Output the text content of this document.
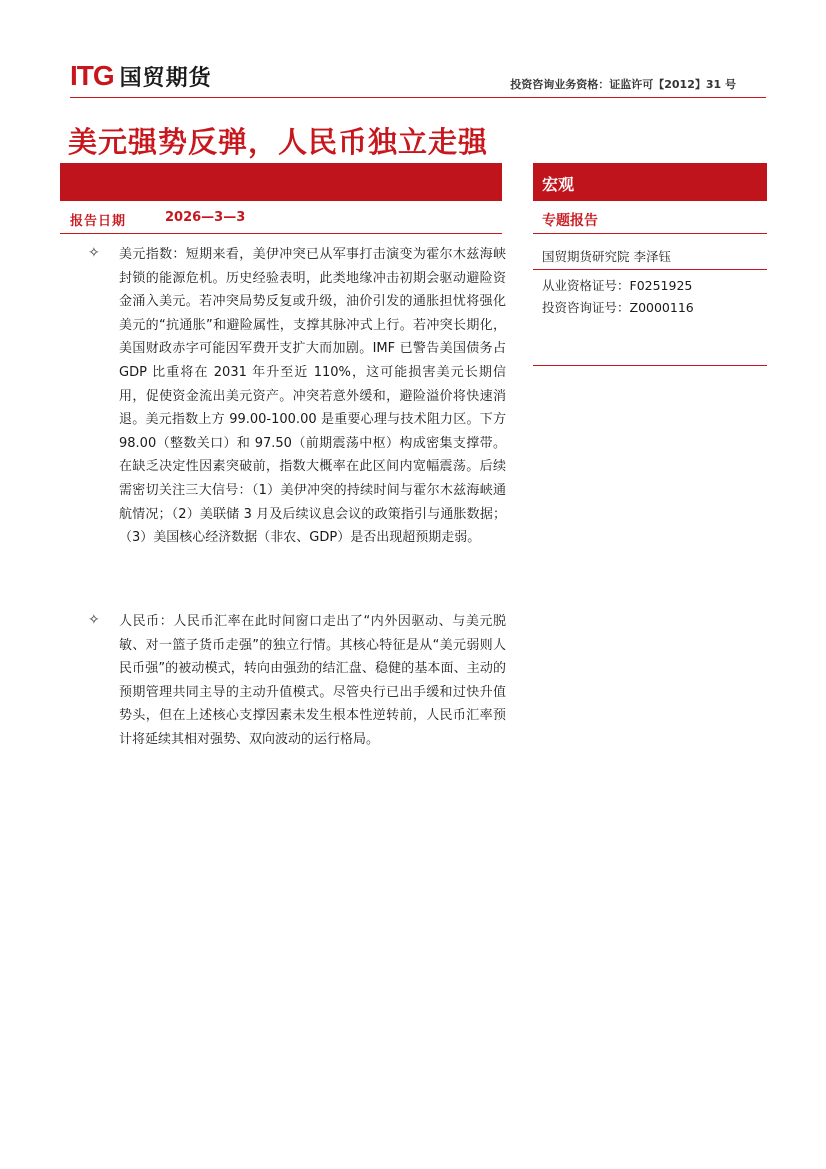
ITG 国贸期货	投资咨询业务资格：证监许可【2012】31 号
美元强势反弹，人民币独立走强
宏观
报告日期	2026—3—3	专题报告
国贸期货研究院 李泽钰
从业资格证号：F0251925
投资咨询证号：Z0000116
✧ 美元指数：短期来看，美伊冲突已从军事打击演变为霍尔木兹海峡封锁的能源危机。历史经验表明，此类地缘冲击初期会驱动避险资金涌入美元。若冲突局势反复或升级，油价引发的通胀担忧将强化美元的“抗通胀”和避险属性，支撑其脉冲式上行。若冲突长期化，美国财政赤字可能因军费开支扩大而加剧。IMF 已警告美国债务占 GDP 比重将在 2031 年升至近 110%，这可能损害美元长期信用，促使资金流出美元资产。冲突若意外缓和，避险溢价将快速消退。美元指数上方 99.00-100.00 是重要心理与技术阻力区。下方 98.00（整数关口）和 97.50（前期震荡中枢）构成密集支撑带。在缺乏决定性因素突破前，指数大概率在此区间内宽幅震荡。后续需密切关注三大信号：（1）美伊冲突的持续时间与霍尔木兹海峡通航情况；（2）美联储 3 月及后续议息会议的政策指引与通胀数据；（3）美国核心经济数据（非农、GDP）是否出现超预期走弱。
✧ 人民币：人民币汇率在此时间窗口走出了“内外因驱动、与美元脱敏、对一篮子货币走强”的独立行情。其核心特征是从“美元弱则人民币强”的被动模式，转向由强劲的结汇盘、稳健的基本面、主动的预期管理共同主导的主动升值模式。尽管央行已出手缓和过快升值势头，但在上述核心支撑因素未发生根本性逆转前，人民币汇率预计将延续其相对强势、双向波动的运行格局。
